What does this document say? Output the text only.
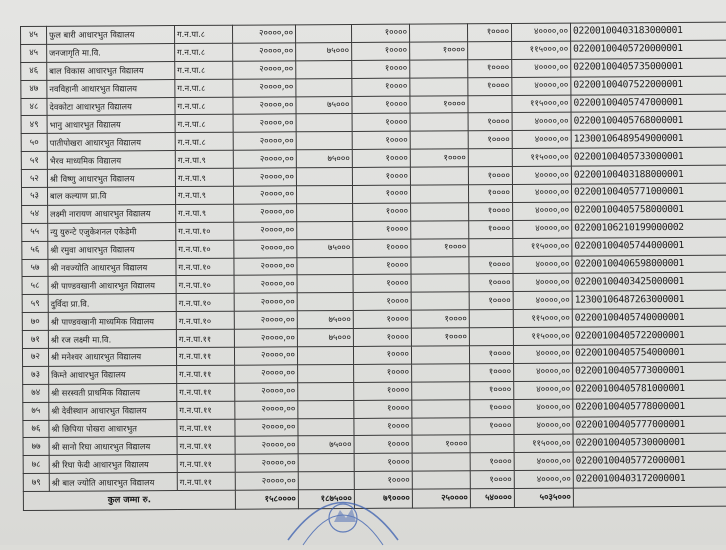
४५	फुल बारी आधारभुत विद्यालय	ग.न.पा.८	२००००,००		१००००		१००००	४००००,००	02200100403183000001
४५	जनजागृति मा.वि.	ग.न.पा.८	२००००,००	७५०००	१००००	१००००		११५०००,००	02200100405720000001
४६	बाल विकास आधारभुत विद्यालय	ग.न.पा.८	२००००,००		१००००		१००००	४००००,००	02200100405735000001
४७	नवविहानी आधारभुत विद्यालय	ग.न.पा.८	२००००,००		१००००		१००००	४००००,००	02200100407522000001
४८	देवकोटा आधारभुत विद्यालय	ग.न.पा.८	२००००,००	७५०००	१००००	१००००		११५०००,००	02200100405747000001
४९	भानु आधारभुत विद्यालय	ग.न.पा.८	२००००,००		१००००		१००००	४००००,००	02200100405768000001
५०	पातीपोखरा आधारभुत विद्यालय	ग.न.पा.८	२००००,००		१००००		१००००	४००००,००	12300106489549000001
५१	भैरव माध्यमिक विद्यालय	ग.न.पा.९	२००००,००	७५०००	१००००	१००००		११५०००,००	02200100405733000001
५२	श्री विष्णु आधारभुत विद्यालय	ग.न.पा.९	२००००,००		१००००		१००००	४००००,००	02200100403188000001
५३	बाल कल्याण प्रा.वि	ग.न.पा.९	२००००,००		१००००		१००००	४००००,००	02200100405771000001
५४	लक्ष्मी नारायण आधारभुत विद्यालय	ग.न.पा.९	२००००,००		१००००		१००००	४००००,००	02200100405758000001
५५	न्यु युरुन्टे एजुकेशनल एकेडेमी	ग.न.पा.१०	२००००,००		१००००		१००००	४००००,००	02200106210199000002
५६	श्री रमुवा आधारभुत विद्यालय	ग.न.पा.१०	२००००,००	७५०००	१००००	१००००		११५०००,००	02200100405744000001
५७	श्री नवज्योति आधारभुत विद्यालय	ग.न.पा.१०	२००००,००		१००००		१००००	४००००,००	02200100406598000001
५८	श्री पाण्डवखानी आधारभुत विद्यालय	ग.न.पा.१०	२००००,००		१००००		१००००	४००००,००	02200100403425000001
५९	दुर्विदा प्रा.वि.	ग.न.पा.१०	२००००,००		१००००		१००००	४००००,००	12300106487263000001
७०	श्री पाण्डवखानी माध्यमिक विद्यालय	ग.न.पा.१०	२००००,००	७५०००	१००००	१००००		११५०००,००	02200100405740000001
७१	श्री रज लक्ष्मी मा.वि.	ग.न.पा.११	२००००,००	७५०००	१००००	१००००		११५०००,००	02200100405722000001
७२	श्री मनेश्वर आधारभुत विद्यालय	ग.न.पा.११	२००००,००		१००००		१००००	४००००,००	02200100405754000001
७३	किम्ते आधारभुत विद्यालय	ग.न.पा.११	२००००,००		१००००		१००००	४००००,००	02200100405773000001
७४	श्री सरस्वती प्राथमिक विद्यालय	ग.न.पा.११	२००००,००		१००००		१००००	४००००,००	02200100405781000001
७५	श्री देवीस्थान आधारभुत विद्यालय	ग.न.पा.११	२००००,००		१००००		१००००	४००००,००	02200100405778000001
७६	श्री छिपिया पोखरा आधारभुत	ग.न.पा.११	२००००,००		१००००		१००००	४००००,००	02200100405777000001
७७	श्री सानो रिघा आधारभुत विद्यालय	ग.न.पा.११	२००००,००	७५०००	१००००	१००००		११५०००,००	02200100405730000001
७८	श्री रिघा फेदी आधारभुत विद्यालय	ग.न.पा.११	२००००,००		१००००		१००००	४००००,००	02200100405772000001
७९	श्री बाल ज्योति आधारभुत विद्यालय	ग.न.पा.११	२००००,००		१००००		१००००	४००००,००	02200100403172000001
कुल जम्मा रु.			१५८००००	१८७५०००	७९००००	२५००००	५४००००	५०३५०००	
